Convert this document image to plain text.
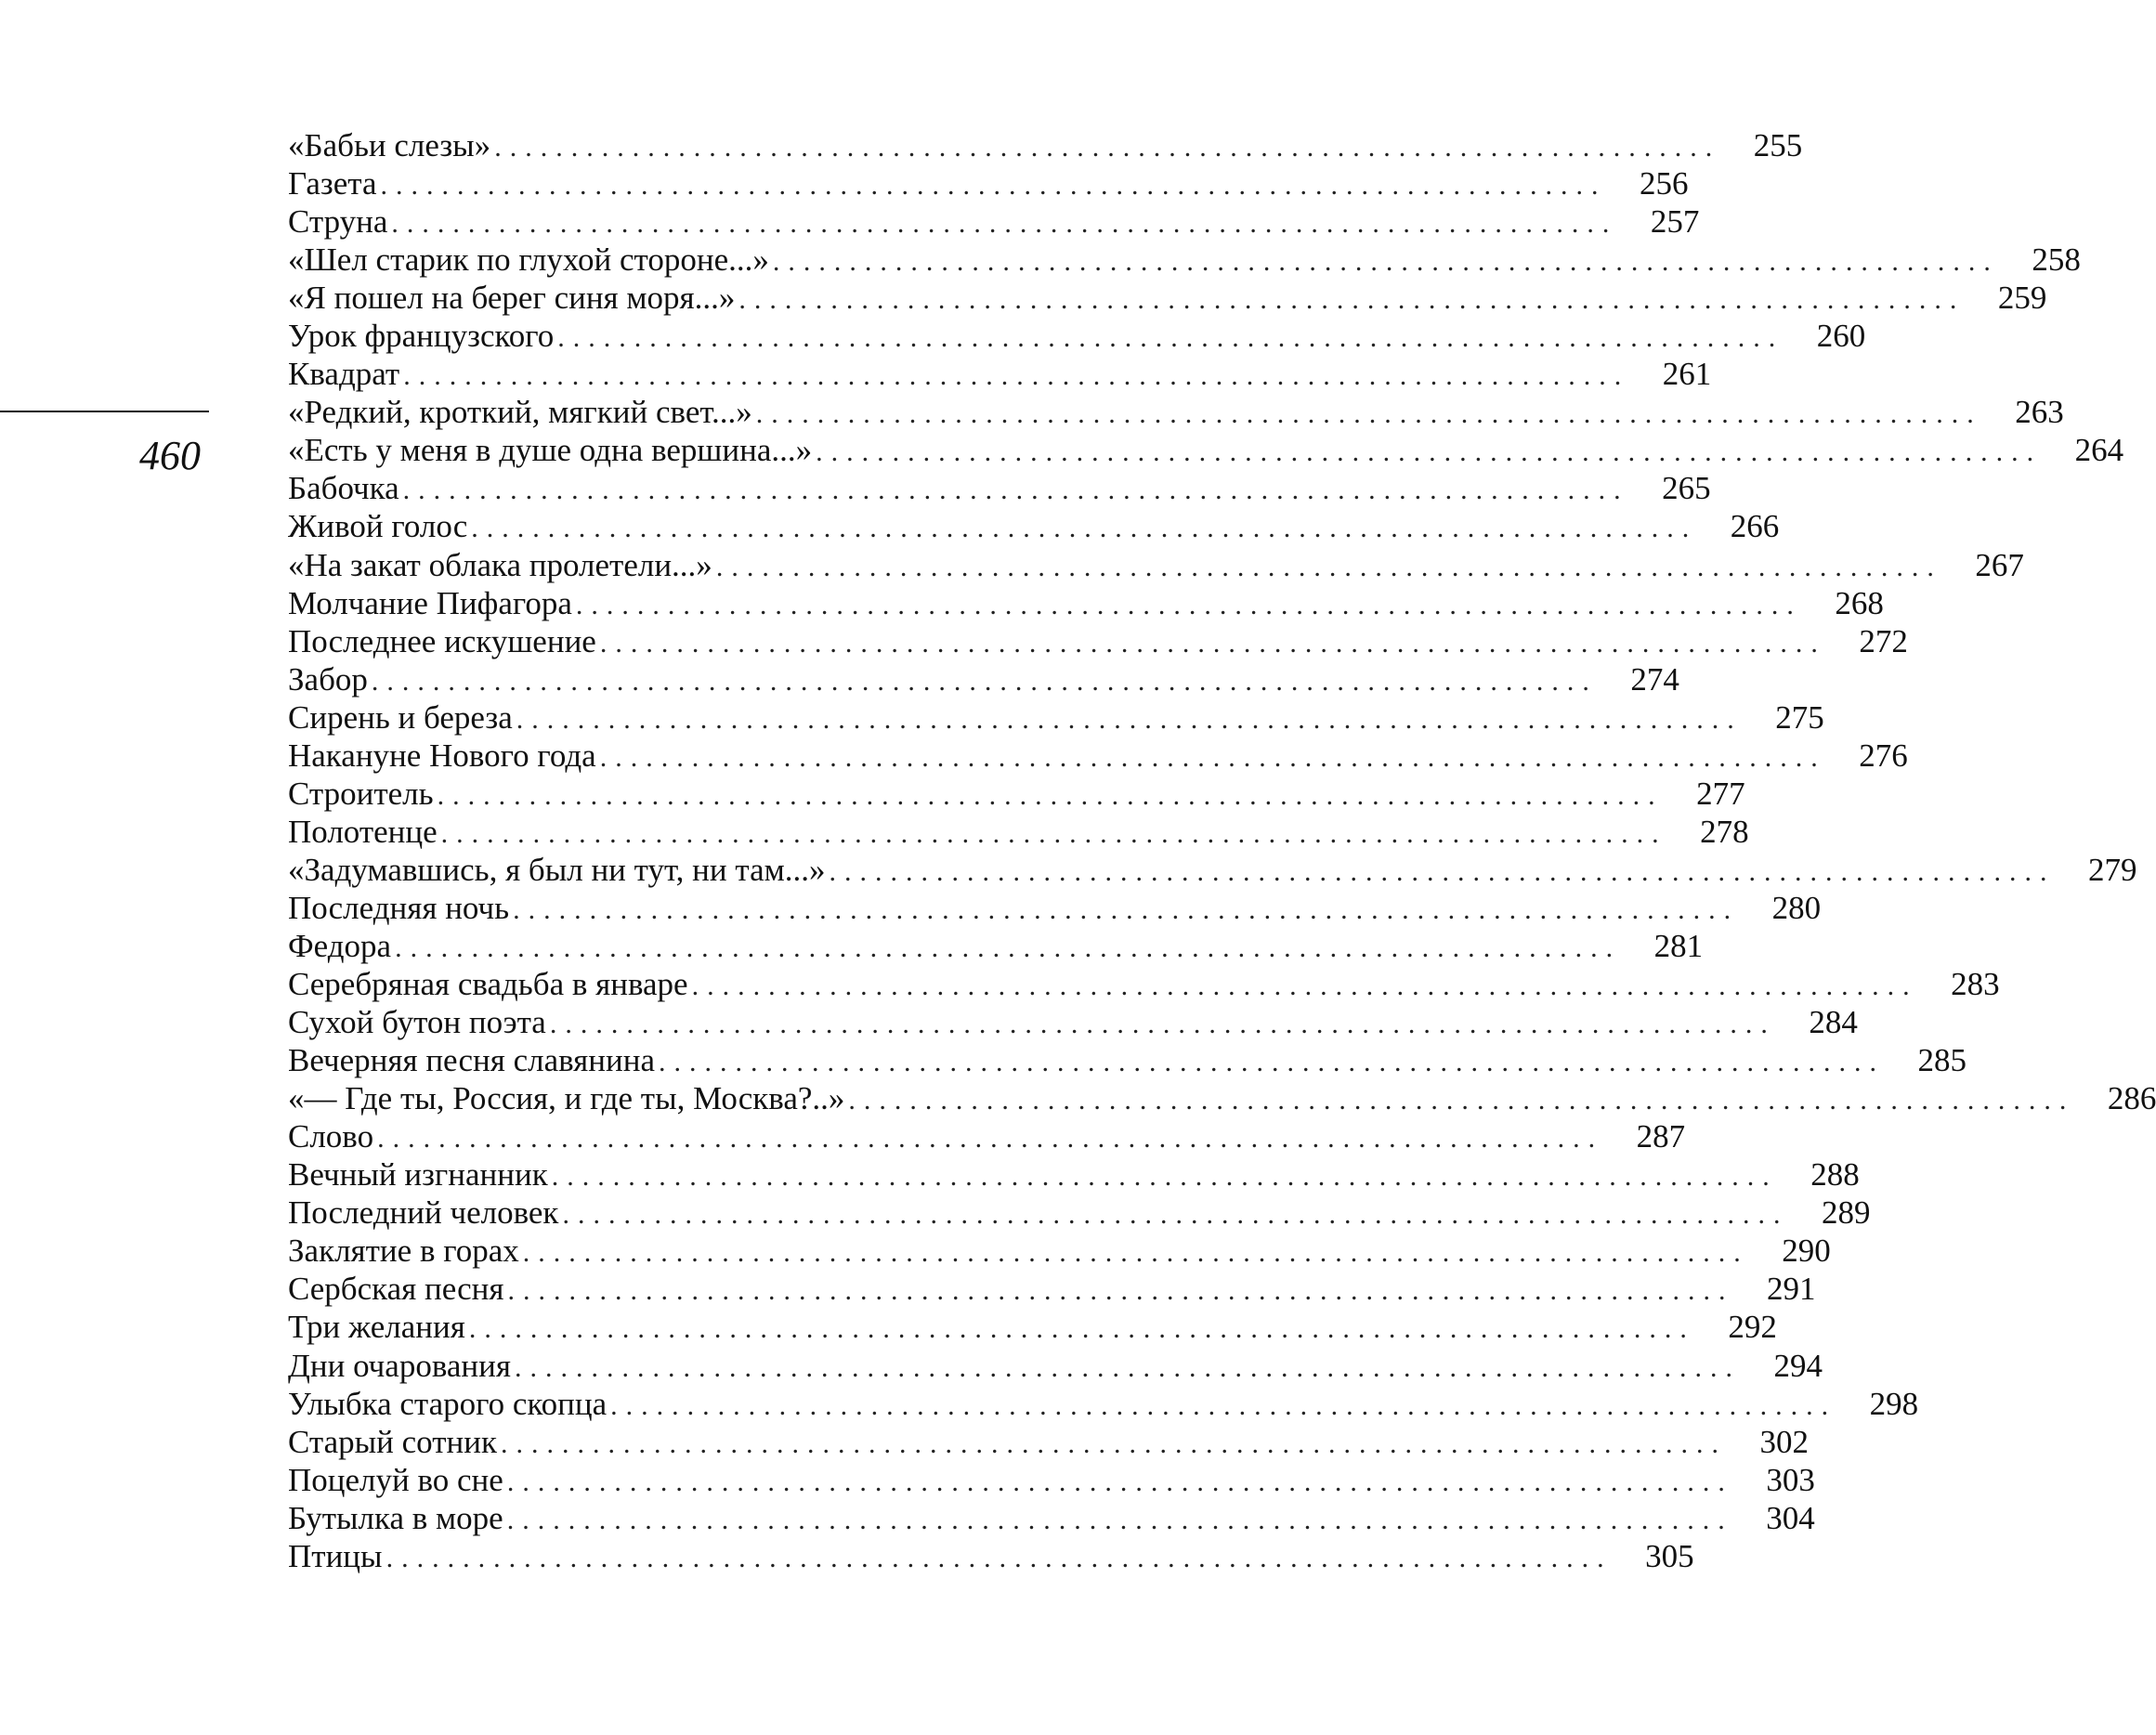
460
«Бабьи слезы» ................................................................................	255
Газета ................................................................................	256
Струна ................................................................................	257
«Шел старик по глухой стороне...» ................................................................................	258
«Я пошел на берег синя моря...» ................................................................................	259
Урок французского ................................................................................	260
Квадрат ................................................................................	261
«Редкий, кроткий, мягкий свет...» ................................................................................	263
«Есть у меня в душе одна вершина...» ................................................................................	264
Бабочка ................................................................................	265
Живой голос ................................................................................	266
«На закат облака пролетели...» ................................................................................	267
Молчание Пифагора ................................................................................	268
Последнее искушение ................................................................................	272
Забор ................................................................................	274
Сирень и береза ................................................................................	275
Накануне Нового года ................................................................................	276
Строитель ................................................................................	277
Полотенце ................................................................................	278
«Задумавшись, я был ни тут, ни там...» ................................................................................	279
Последняя ночь ................................................................................	280
Федора ................................................................................	281
Серебряная свадьба в январе ................................................................................	283
Сухой бутон поэта ................................................................................	284
Вечерняя песня славянина ................................................................................	285
«— Где ты, Россия, и где ты, Москва?..» ................................................................................	286
Слово ................................................................................	287
Вечный изгнанник ................................................................................	288
Последний человек ................................................................................	289
Заклятие в горах ................................................................................	290
Сербская песня ................................................................................	291
Три желания ................................................................................	292
Дни очарования ................................................................................	294
Улыбка старого скопца ................................................................................	298
Старый сотник ................................................................................	302
Поцелуй во сне ................................................................................	303
Бутылка в море ................................................................................	304
Птицы ................................................................................	305
